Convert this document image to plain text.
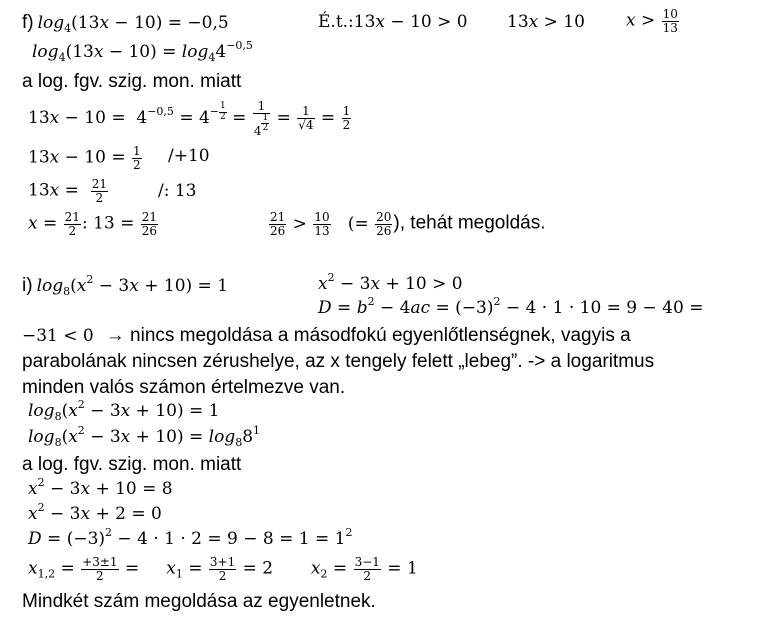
f) $\log_4(13x - 10) = -0,5$	É.t.:13x − 10 > 0 13x > 10 $x > \frac{10}{13}$
$\log_4(13x - 10) = \log_44^{-0,5}$
a log. fgv. szig. mon. miatt
$13x - 10 = 4^{-0,5} = 4^{- \frac{1}{2}} = 1$
4 $^{\frac{1}{2}} = \frac{1}{√4} = \frac{1}{2}$
$13x - 10 = \frac{1}{2} /+10$
$13x = \frac{21}{2}$	/: 13
$x = \frac{21}{2}$ : $13 = \frac{21}{26}$	$\frac{21}{26} > \frac{10}{13}$ (= $\frac{20}{26}$ ), tehát megoldás.
i) $\log_8(x^2 - 3x + 10) = 1$	$x^2 - 3x + 10 > 0$
$D = b^2 - 4ac = (-3)^2 - 4 \cdot 1 \cdot 10 = 9 - 40$ =
−31 < 0 → nincs megoldása a másodfokú egyenlőtlenségnek, vagyis a
parabolának nincsen zérushelye, az x tengely felett „lebeg”. -> a logaritmus
minden valós számon értelmezve van.
$\log_8(x^2 - 3x + 10) = 1$
$\log_8(x^2 - 3x + 10) = \log_88^1$
a log. fgv. szig. mon. miatt
$x^2 - 3x + 10 = 8$
$x^2 - 3x + 2 = 0$
$D = (-3)^2 - 4 \cdot 1 \cdot 2 = 9 - 8 = 1 = 1^2$
$x_{1,2} = \frac{+3\pm 1}{2}$ =     $x_1 = \frac{3+1}{2} = 2$       $x_2 = \frac{3-1}{2} = 1$
Mindkét szám megoldása az egyenletnek.
